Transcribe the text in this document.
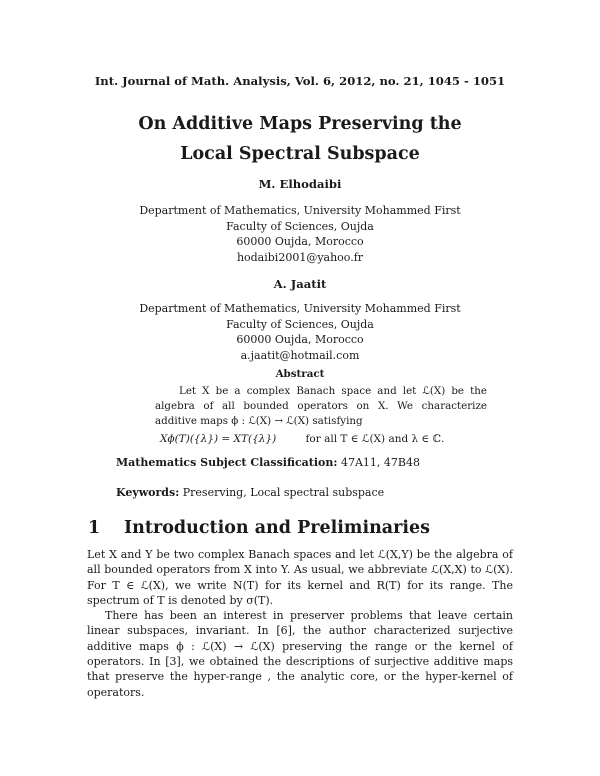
Int. Journal of Math. Analysis, Vol. 6, 2012, no. 21, 1045 - 1051
On Additive Maps Preserving the
Local Spectral Subspace
M. Elhodaibi
Department of Mathematics, University Mohammed First
Faculty of Sciences, Oujda
60000 Oujda, Morocco
hodaibi2001@yahoo.fr
A. Jaatit
Department of Mathematics, University Mohammed First
Faculty of Sciences, Oujda
60000 Oujda, Morocco
a.jaatit@hotmail.com
Abstract

Let X be a complex Banach space and let ℒ(X) be the algebra of all bounded operators on X. We characterize additive maps ϕ : ℒ(X) → ℒ(X) satisfying

Xϕ(T)({λ}) = XT({λ})	for all T ∈ ℒ(X) and λ ∈ ℂ.
Mathematics Subject Classification: 47A11, 47B48
Keywords: Preserving, Local spectral subspace
1 Introduction and Preliminaries

Let X and Y be two complex Banach spaces and let ℒ(X,Y) be the algebra of all bounded operators from X into Y. As usual, we abbreviate ℒ(X,X) to ℒ(X). For T ∈ ℒ(X), we write N(T) for its kernel and R(T) for its range. The spectrum of T is denoted by σ(T).

There has been an interest in preserver problems that leave certain linear subspaces, invariant. In [6], the author characterized surjective additive maps ϕ : ℒ(X) → ℒ(X) preserving the range or the kernel of operators. In [3], we obtained the descriptions of surjective additive maps that preserve the hyper-range , the analytic core, or the hyper-kernel of operators.
